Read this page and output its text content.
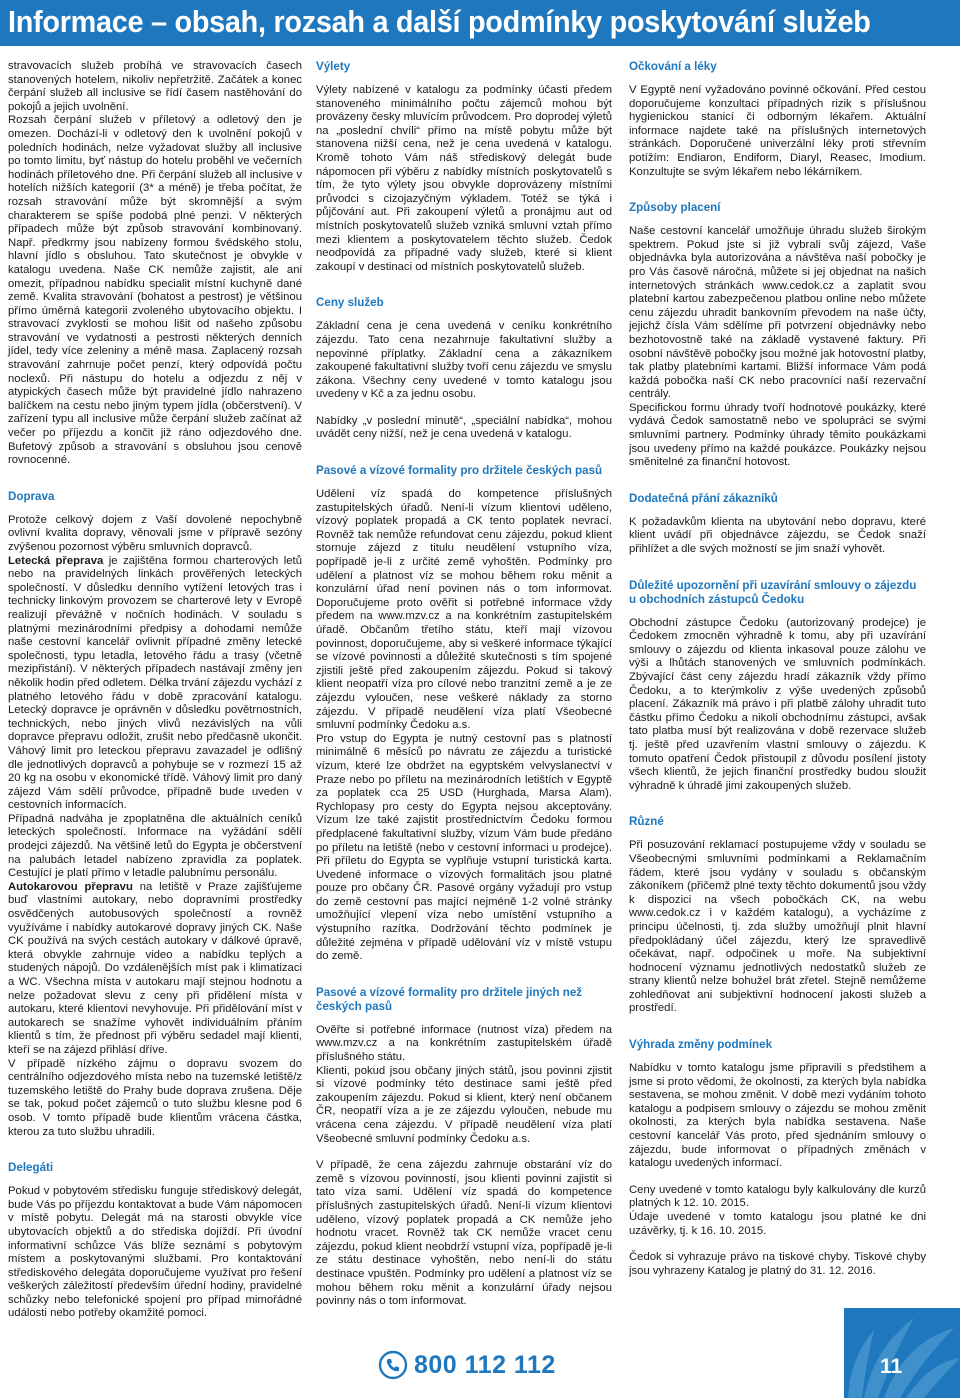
Informace – obsah, rozsah a další podmínky poskytování služeb

stravovacích služeb probíhá ve stravovacích časech stanovených hotelem, nikoliv nepřetržitě. Začátek a konec čerpání služeb all inclusive se řídí časem nastěhování do pokojů a jejich uvolnění.

Rozsah čerpání služeb v příletový a odletový den je omezen. Dochází-li v odletový den k uvolnění pokojů v poledních hodinách, nelze vyžadovat služby all inclusive po tomto limitu, byť nástup do hotelu proběhl ve večerních hodinách příletového dne. Při čerpání služeb all inclusive v hotelích nižších kategorií (3* a méně) je třeba počítat, že rozsah stravování může být skromnější a svým charakterem se spíše podobá plné penzi. V některých případech může být způsob stravování kombinovaný. Např. předkrmy jsou nabízeny formou švédského stolu, hlavní jídlo s obsluhou. Tato skutečnost je obvykle v katalogu uvedena. Naše CK nemůže zajistit, ale ani omezit, případnou nabídku specialit místní kuchyně dané země. Kvalita stravování (bohatost a pestrost) je většinou přímo úměrná kategorii zvoleného ubytovacího objektu. I stravovací zvyklosti se mohou lišit od našeho způsobu stravování ve vydatnosti a pestrosti některých denních jídel, tedy více zeleniny a méně masa. Zaplacený rozsah stravování zahrnuje počet penzí, který odpovídá počtu nocleхů. Při nástupu do hotelu a odjezdu z něj v atypických časech může být pravidelné jídlo nahrazeno balíčkem na cestu nebo jiným typem jídla (občerstvení). V zařízení typu all inclusive může čerpání služeb začínat až večer po příjezdu a končit již ráno odjezdového dne. Bufetový způsob a stravování s obsluhou jsou cenově rovnocenné.

Doprava

Protože celkový dojem z Vaší dovolené nepochybně ovlivní kvalita dopravy, věnovali jsme v přípravě sezóny zvýšenou pozornost výběru smluvních dopravců.

Letecká přeprava je zajištěna formou charterových letů nebo na pravidelných linkách prověřených leteckých společností. V důsledku denního vytížení letových tras i technicky linkovým provozem se charterové lety v Evropě realizují převážně v nočních hodinách. V souladu s platnými mezinárodními předpisy a dohodami nemůže naše cestovní kancelář ovlivnit případné změny letecké společnosti, typu letadla, letového řádu a trasy (včetně mezipřistání). V některých případech nastávají změny jen několik hodin před odletem. Délka trvání zájezdu vychází z platného letového řádu v době zpracování katalogu. Letecký dopravce je oprávněn v důsledku povětrnostních, technických, nebo jiných vlivů nezávislých na vůli dopravce přepravu odložit, zrušit nebo předčasně ukončit. Váhový limit pro leteckou přepravu zavazadel je odlišný dle jednotlivých dopravců a pohybuje se v rozmezí 15 až 20 kg na osobu v ekonomické třídě. Váhový limit pro daný zájezd Vám sdělí průvodce, případně bude uveden v cestovních informacích.

Případná nadváha je zpoplatněna dle aktuálních ceníků leteckých společností. Informace na vyžádání sdělí prodejci zájezdů. Na většině letů do Egypta je občerstvení na palubách letadel nabízeno zpravidla za poplatek. Cestující je platí přímo v letadle palubnímu personálu.

Autokarovou přepravu na letiště v Praze zajišťujeme buď vlastními autokary, nebo dopravními prostředky osvědčených autobusových společností a rovněž využíváme i nabídky autokarové dopravy jiných CK. Naše CK používá na svých cestách autokary v dálkové úpravě, která obvykle zahrnuje video a nabídku teplých a studených nápojů. Do vzdálenějších míst pak i klimatizaci a WC. Všechna místa v autokaru mají stejnou hodnotu a nelze požadovat slevu z ceny při přidělení místa v autokaru, které klientovi nevyhovuje. Při přidělování míst v autokarech se snažíme vyhovět individuálním přáním klientů s tím, že přednost při výběru sedadel mají klienti, kteří se na zájezd přihlásí dříve.

V případě nízkého zájmu o dopravu svozem do centrálního odjezdového místa nebo na tuzemské letiště/z tuzemského letiště do Prahy bude doprava zrušena. Děje se tak, pokud počet zájemců o tuto službu klesne pod 6 osob. V tomto případě bude klientům vrácena částka, kterou za tuto službu uhradili.

Delegáti

Pokud v pobytovém středisku funguje střediskový delegát, bude Vás po příjezdu kontaktovat a bude Vám nápomocen v místě pobytu. Delegát má na starosti obvykle více ubytovacích objektů a do střediska dojíždí. Při úvodní informativní schůzce Vás blíže seznámí s pobytovým místem a poskytovanými službami. Pro kontaktování střediskového delegáta doporučujeme využívat pro řešení veškerých záležitostí především úřední hodiny, pravidelné schůzky nebo telefonické spojení pro případ mimořádné události nebo potřeby okamžité pomoci.

Výlety

Výlety nabízené v katalogu za podmínky účasti předem stanoveného minimálního počtu zájemců mohou být provázeny česky mluvícím průvodcem. Pro doprodej výletů na „poslední chvíli“ přímo na místě pobytu může být stanovena nižší cena, než je cena uvedená v katalogu. Kromě tohoto Vám náš střediskový delegát bude nápomocen při výběru z nabídky místních poskytovatelů s tím, že tyto výlety jsou obvykle doprovázeny místními průvodci s cizojazyčným výkladem. Totéž se týká i půjčování aut. Při zakoupení výletů a pronájmu aut od místních poskytovatelů služeb vzniká smluvní vztah přímo mezi klientem a poskytovatelem těchto služeb. Čedok neodpovídá za případné vady služeb, které si klient zakoupí v destinaci od místních poskytovatelů služeb.

Ceny služeb

Základní cena je cena uvedená v ceníku konkrétního zájezdu. Tato cena nezahrnuje fakultativní služby a nepovinné příplatky. Základní cena a zákazníkem zakoupené fakultativní služby tvoří cenu zájezdu ve smyslu zákona. Všechny ceny uvedené v tomto katalogu jsou uvedeny v Kč a za jednu osobu.

Nabídky „v poslední minutě“, „speciální nabídka“, mohou uvádět ceny nižší, než je cena uvedená v katalogu.

Pasové a vízové formality pro držitele českých pasů

Udělení víz spadá do kompetence příslušných zastupitelských úřadů. Není-li vízum klientovi uděleno, vízový poplatek propadá a CK tento poplatek nevrací. Rovněž tak nemůže refundovat cenu zájezdu, pokud klient stornuje zájezd z titulu neudělení vstupního víza, popřípadě je-li z určité země vyhoštěn. Podmínky pro udělení a platnost víz se mohou během roku měnit a konzulární úřad není povinen nás o tom informovat. Doporučujeme proto ověřit si potřebné informace vždy předem na www.mzv.cz a na konkrétním zastupitelském úřadě. Občanům třetího státu, kteří mají vízovou povinnost, doporučujeme, aby si veškeré informace týkající se vízové povinnosti a důležité skutečnosti s tím spojené zjistili ještě před zakoupením zájezdu. Pokud si takový klient neopatří víza pro cílové nebo tranzitní země a je ze zájezdu vyloučen, nese veškeré náklady za storno zájezdu. V případě neudělení víza platí Všeobecné smluvní podmínky Čedoku a.s.

Pro vstup do Egypta je nutný cestovní pas s platností minimálně 6 měsíců po návratu ze zájezdu a turistické vízum, které lze obdržet na egyptském velvyslanectví v Praze nebo po příletu na mezinárodních letištích v Egyptě za poplatek cca 25 USD (Hurghada, Marsa Alam). Rychlopasy pro cesty do Egypta nejsou akceptovány. Vízum lze také zajistit prostřednictvím Čedoku formou předplacené fakultativní služby, vízum Vám bude předáno po příletu na letiště (nebo v cestovní informaci u prodejce). Při příletu do Egypta se vyplňuje vstupní turistická karta. Uvedené informace o vízových formalitách jsou platné pouze pro občany ČR. Pasové orgány vyžadují pro vstup do země cestovní pas mající nejméně 1-2 volné stránky umožňující vlepení víza nebo umístění vstupního a výstupního razítka. Dodržování těchto podmínek je důležité zejména v případě udělování víz v místě vstupu do země.

Pasové a vízové formality pro držitele jiných než českých pasů

Ověřte si potřebné informace (nutnost víza) předem na www.mzv.cz a na konkrétním zastupitelském úřadě příslušného státu.

Klienti, pokud jsou občany jiných států, jsou povinni zjistit si vízové podmínky této destinace sami ještě před zakoupením zájezdu. Pokud si klient, který není občanem ČR, neopatří víza a je ze zájezdu vyloučen, nebude mu vrácena cena zájezdu. V případě neudělení víza platí Všeobecné smluvní podmínky Čedoku a.s.

V případě, že cena zájezdu zahrnuje obstarání víz do země s vízovou povinností, jsou klienti povinni zajistit si tato víza sami. Udělení víz spadá do kompetence příslušných zastupitelských úřadů. Není-li vízum klientovi uděleno, vízový poplatek propadá a CK nemůže jeho hodnotu vracet. Rovněž tak CK nemůže vracet cenu zájezdu, pokud klient neobdrží vstupní víza, popřípadě je-li ze státu destinace vyhoštěn, nebo není-li do státu destinace vpuštěn. Podmínky pro udělení a platnost víz se mohou během roku měnit a konzulární úřady nejsou povinny nás o tom informovat.

Očkování a léky

V Egyptě není vyžadováno povinné očkování. Před cestou doporučujeme konzultaci případných rizik s příslušnou hygienickou stanicí či odborným lékařem. Aktuální informace najdete také na příslušných internetových stránkách. Doporučené univerzální léky proti střevním potížím: Endiaron, Endiform, Diaryl, Reasec, Imodium. Konzultujte se svým lékařem nebo lékárníkem.

Způsoby placení

Naše cestovní kancelář umožňuje úhradu služeb širokým spektrem. Pokud jste si již vybrali svůj zájezd, Vaše objednávka byla autorizována a návštěva naší pobočky je pro Vás časově náročná, můžete si jej objednat na našich internetových stránkách www.cedok.cz a zaplatit svou platební kartou zabezpečenou platbou online nebo můžete cenu zájezdu uhradit bankovním převodem na naše účty, jejichž čísla Vám sdělíme při potvrzení objednávky nebo bezhotovostně také na základě vystavené faktury. Při osobní návštěvě pobočky jsou možné jak hotovostní platby, tak platby platebními kartami. Bližší informace Vám podá každá pobočka naší CK nebo pracovníci naší rezervační centrály.

Specifickou formu úhrady tvoří hodnotové poukázky, které vydává Čedok samostatně nebo ve spolupráci se svými smluvními partnery. Podmínky úhrady těmito poukázkami jsou uvedeny přímo na každé poukázce. Poukázky nejsou směnitelné za finanční hotovost.

Dodatečná přání zákazníků

K požadavkům klienta na ubytování nebo dopravu, které klient uvádí při objednávce zájezdu, se Čedok snaží přihlížet a dle svých možností se jim snaží vyhovět.

Důležité upozornění při uzavírání smlouvy o zájezdu u obchodních zástupců Čedoku

Obchodní zástupce Čedoku (autorizovaný prodejce) je Čedokem zmocněn výhradně k tomu, aby při uzavírání smlouvy o zájezdu od klienta inkasoval pouze zálohu ve výši a lhůtách stanovených ve smluvních podmínkách. Zbývající část ceny zájezdu hradí zákazník vždy přímo Čedoku, a to kterýmkoliv z výše uvedených způsobů placení. Zákazník má právo i při platbě zálohy uhradit tuto částku přímo Čedoku a nikoli obchodnímu zástupci, avšak tato platba musí být realizována v době rezervace služeb tj. ještě před uzavřením vlastní smlouvy o zájezdu. K tomuto opatření Čedok přistoupil z důvodu posílení jistoty všech klientů, že jejich finanční prostředky budou sloužit výhradně k úhradě jimi zakoupených služeb.

Různé

Při posuzování reklamací postupujeme vždy v souladu se Všeobecnými smluvními podmínkami a Reklamačním řádem, které jsou vydány v souladu s občanským zákoníkem (přičemž plné texty těchto dokumentů jsou vždy k dispozici na všech pobočkách CK, na webu www.cedok.cz i v každém katalogu), a vycházíme z principu účelnosti, tj. zda služby umožňují plnit hlavní předpokládaný účel zájezdu, který lze spravedlivě očekávat, např. odpočinek u moře. Na subjektivní hodnocení významu jednotlivých nedostatků služeb ze strany klientů nelze bohužel brát zřetel. Stejně nemůžeme zohledňovat ani subjektivní hodnocení jakosti služeb a prostředí.

Výhrada změny podmínek

Nabídku v tomto katalogu jsme připravili s předstihem a jsme si proto vědomi, že okolnosti, za kterých byla nabídka sestavena, se mohou změnit. V době mezi vydáním tohoto katalogu a podpisem smlouvy o zájezdu se mohou změnit okolnosti, za kterých byla nabídka sestavena. Naše cestovní kancelář Vás proto, před sjednáním smlouvy o zájezdu, bude informovat o případných změnách v katalogu uvedených informací.

Ceny uvedené v tomto katalogu byly kalkulovány dle kurzů platných k 12. 10. 2015.

Údaje uvedené v tomto katalogu jsou platné ke dni uzávěrky, tj. k 16. 10. 2015.

Čedok si vyhrazuje právo na tiskové chyby. Tiskové chyby jsou vyhrazeny Katalog je platný do 31. 12. 2016.

800 112 112	11
